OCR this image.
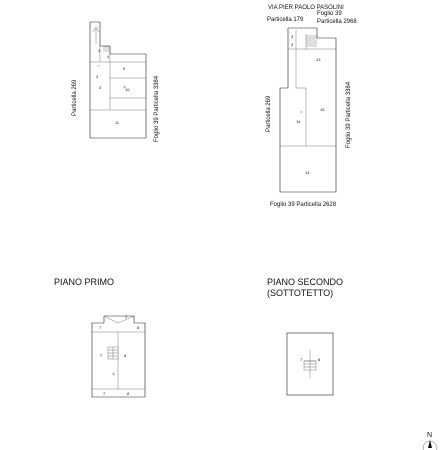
3
4
3
9
10
3
11
Particella 269	Foglio 39 Particella 3384
VIA PIER PAOLO PASOLINI
Particella 179
Foglio 39
Particella 2968
3
3
13
14
15
14
Particella 269	Foglio 39 Particella 3384
Foglio 39 Particella 2628
PIANO PRIMO
7	8
2
7	8
7	8
PIANO SECONDO
(SOTTOTETTO)
7	8
N
